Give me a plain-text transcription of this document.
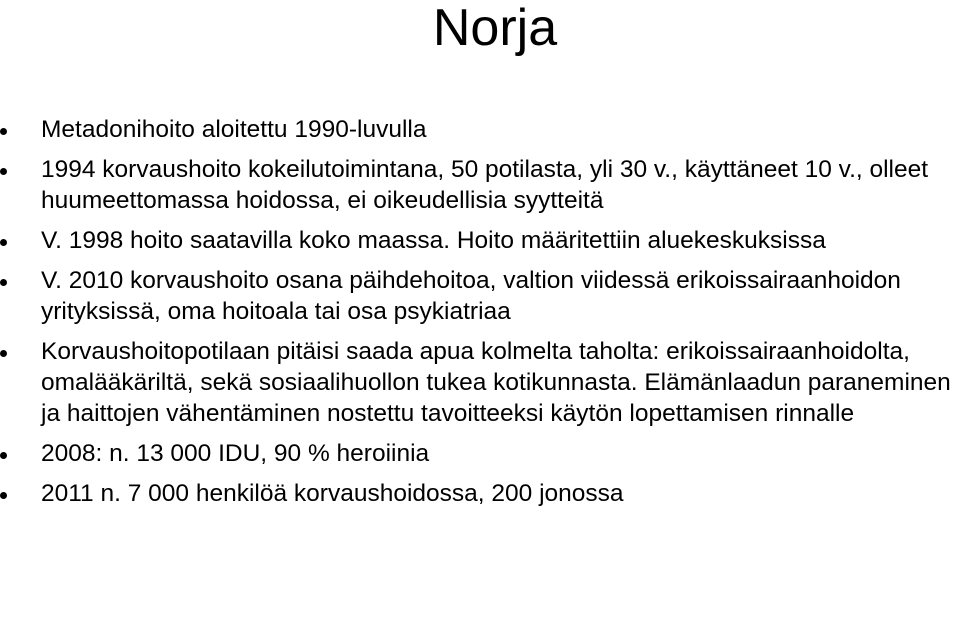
Norja
Metadonihoito aloitettu 1990-luvulla
1994 korvaushoito kokeilutoimintana, 50 potilasta, yli 30 v., käyttäneet 10 v., olleet huumeettomassa hoidossa, ei oikeudellisia syytteitä
V. 1998 hoito saatavilla koko maassa. Hoito määritettiin aluekeskuksissa
V. 2010 korvaushoito osana päihdehoitoa, valtion viidessä erikoissairaanhoidon yrityksissä, oma hoitoala tai osa psykiatriaa
Korvaushoitopotilaan pitäisi saada apua kolmelta taholta: erikoissairaanhoidolta, omalääkäriltä, sekä sosiaalihuollon tukea kotikunnasta. Elämänlaadun paraneminen ja haittojen vähentäminen nostettu tavoitteeksi käytön lopettamisen rinnalle
2008: n. 13 000 IDU, 90 % heroiinia
2011 n. 7 000 henkilöä korvaushoidossa, 200 jonossa
